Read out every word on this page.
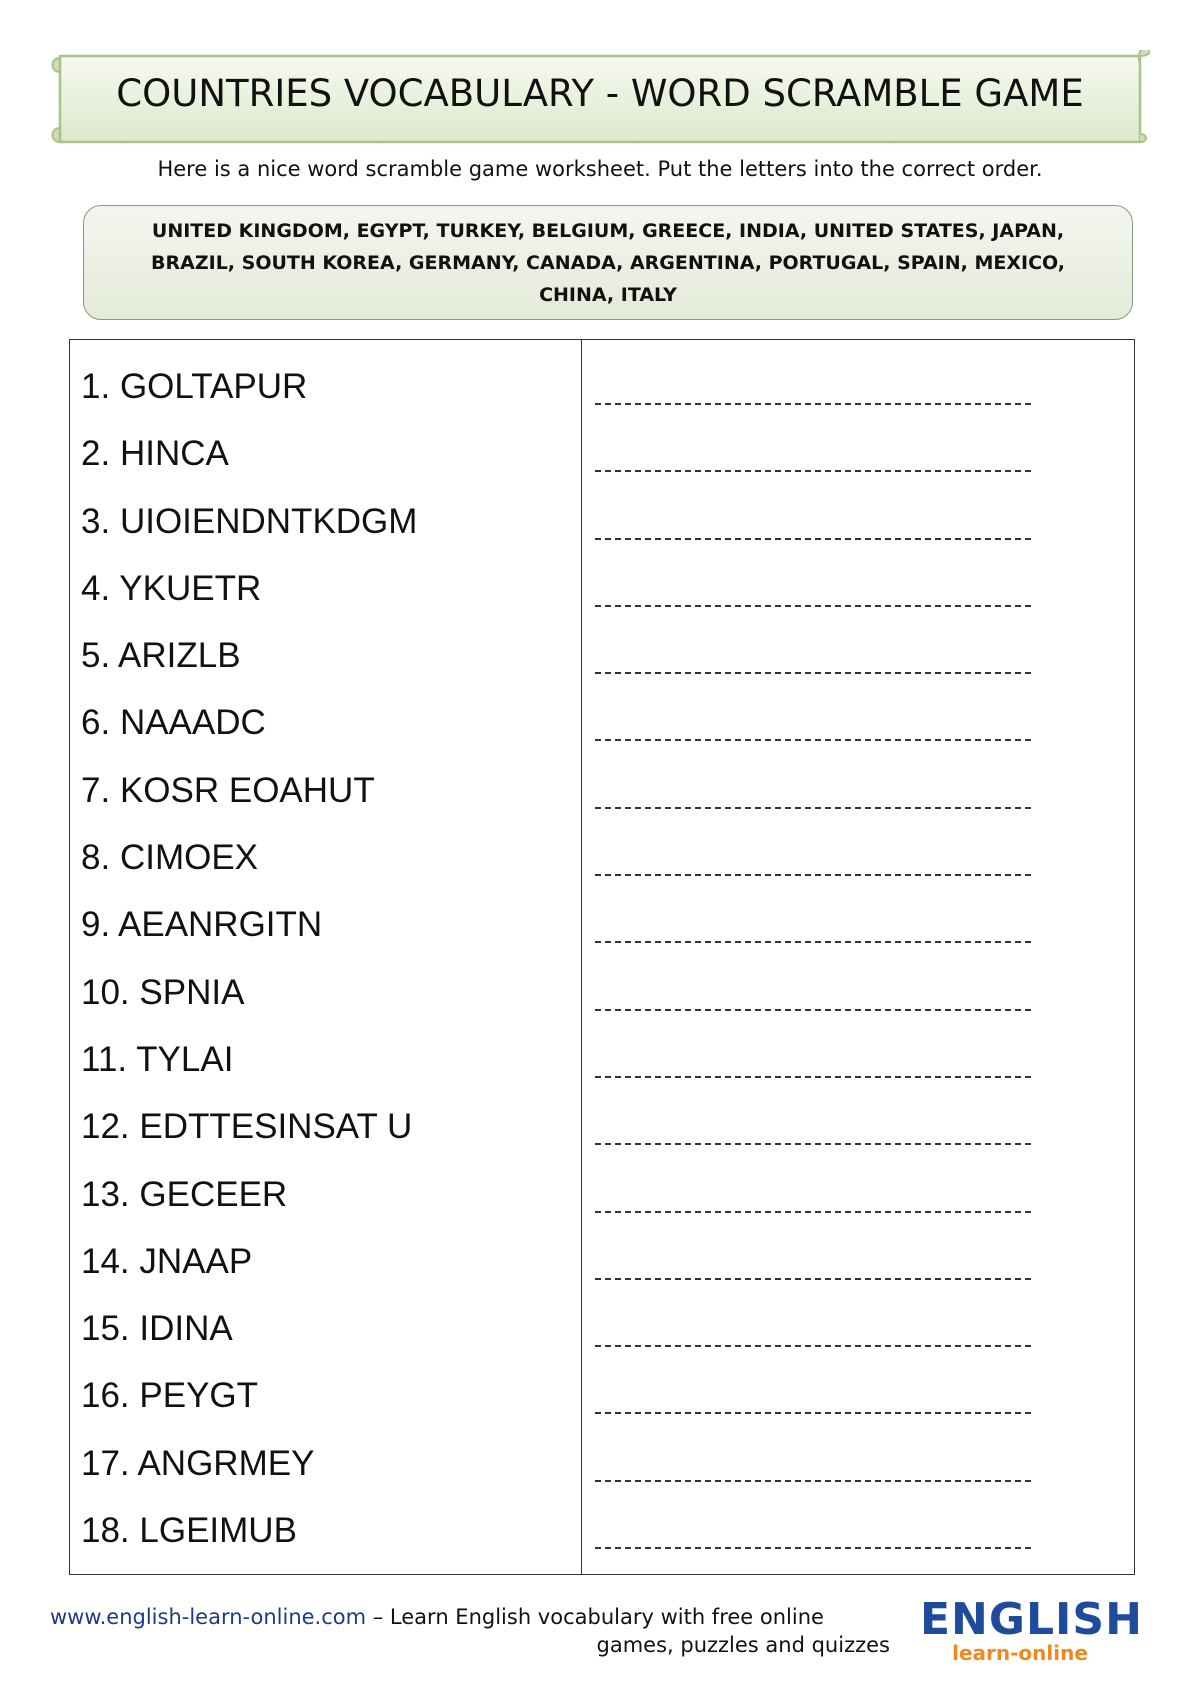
COUNTRIES VOCABULARY - WORD SCRAMBLE GAME
Here is a nice word scramble game worksheet. Put the letters into the correct order.
UNITED KINGDOM, EGYPT, TURKEY, BELGIUM, GREECE, INDIA, UNITED STATES, JAPAN, BRAZIL, SOUTH KOREA, GERMANY, CANADA, ARGENTINA, PORTUGAL, SPAIN, MEXICO, CHINA, ITALY
1. GOLTAPUR
2. HINCA
3. UIOIENDNTKDGM
4. YKUETR
5. ARIZLB
6. NAAADC
7. KOSR EOAHUT
8. CIMOEX
9. AEANRGITN
10. SPNIA
11. TYLAI
12. EDTTESINSAT U
13. GECEER
14. JNAAP
15. IDINA
16. PEYGT
17. ANGRMEY
18. LGEIMUB
www.english-learn-online.com – Learn English vocabulary with free online
games, puzzles and quizzes ENGLISH
learn-online
